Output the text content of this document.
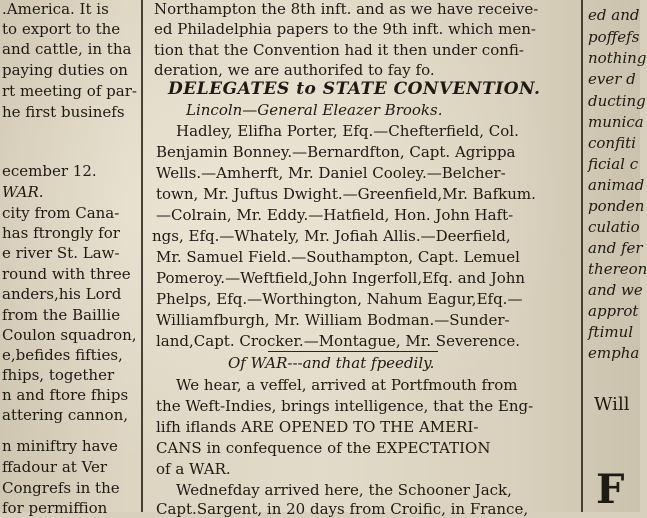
.America. It is
to export to the
and cattle, in tha
paying duties on
rt meeting of par-
he first businefs
ecember 12.
WAR.
city from Cana-
has ftrongly for
e river St. Law-
round with three
anders,his Lord
from the Baillie
Coulon squadron,
e,befides fifties,
fhips, together
n and ftore fhips
attering cannon,
n miniftry have
ffadour at Ver
Congrefs in the
for permiffion
Northampton the 8th inft. and as we have receive-
ed Philadelphia papers to the 9th inft. which men-
tion that the Convention had it then under confi-
deration, we are authorifed to fay fo.
DELEGATES to STATE CONVENTION.
Lincoln—General Eleazer Brooks.
Hadley, Elifha Porter, Efq.—Chefterfield, Col.
Benjamin Bonney.—Bernardfton, Capt. Agrippa
Wells.—Amherft, Mr. Daniel Cooley.—Belcher-
town, Mr. Juftus Dwight.—Greenfield,Mr. Bafkum.
—Colrain, Mr. Eddy.—Hatfield, Hon. John Haft-
ngs, Efq.—Whately, Mr. Jofiah Allis.—Deerfield,
Mr. Samuel Field.—Southampton, Capt. Lemuel
Pomeroy.—Weftfield,John Ingerfoll,Efq. and John
Phelps, Efq.—Worthington, Nahum Eagur,Efq.—
Williamfburgh, Mr. William Bodman.—Sunder-
land,Capt. Crocker.—Montague, Mr. Severence.
Of WAR---and that fpeedily.
We hear, a veffel, arrived at Portfmouth from
the Weft-Indies, brings intelligence, that the Eng-
lifh iflands ARE OPENED TO THE AMERI-
CANS in confequence of the EXPECTATION
of a WAR.
Wednefday arrived here, the Schooner Jack,
Capt.Sargent, in 20 days from Croific, in France,
ed and
poffefs
nothing
ever d
ducting
munica
confiti
ficial c
animad
ponden
culatio
and fer
thereon
and we
approt
ftimul
empha
Will
F
